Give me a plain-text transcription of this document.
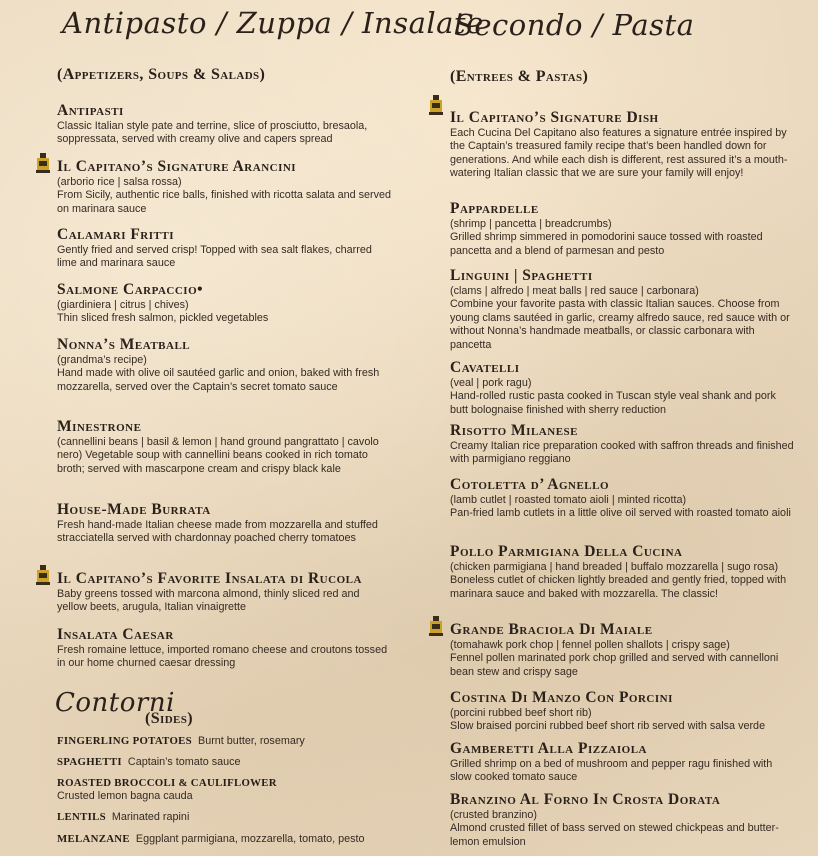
Antipasto / Zuppa / Insalate
(Appetizers, Soups & Salads)
Antipasti
Classic Italian style pate and terrine, slice of prosciutto, bresaola, soppressata, served with creamy olive and capers spread
Il Capitano’s Signature Arancini
(arborio rice | salsa rossa)
From Sicily, authentic rice balls, finished with ricotta salata and served on marinara sauce
Calamari Fritti
Gently fried and served crisp! Topped with sea salt flakes, charred lime and marinara sauce
Salmone Carpaccio•
(giardiniera | citrus | chives)
Thin sliced fresh salmon, pickled vegetables
Nonna’s Meatball
(grandma’s recipe)
Hand made with olive oil sautéed garlic and onion, baked with fresh mozzarella, served over the Captain’s secret tomato sauce
Minestrone
(cannellini beans | basil & lemon | hand ground pangrattato | cavolo nero) Vegetable soup with cannellini beans cooked in rich tomato broth; served with mascarpone cream and crispy black kale
House-Made Burrata
Fresh hand-made Italian cheese made from mozzarella and stuffed stracciatella served with chardonnay poached cherry tomatoes
Il Capitano’s Favorite Insalata di Rucola
Baby greens tossed with marcona almond, thinly sliced red and yellow beets, arugula, Italian vinaigrette
Insalata Caesar
Fresh romaine lettuce, imported romano cheese and croutons tossed in our home churned caesar dressing
Contorni
(Sides)
FINGERLING POTATOES Burnt butter, rosemary
SPAGHETTI Captain’s tomato sauce
ROASTED BROCCOLI & CAULIFLOWER
Crusted lemon bagna cauda
LENTILS Marinated rapini
MELANZANE Eggplant parmigiana, mozzarella, tomato, pesto
Secondo / Pasta
(Entrees & Pastas)
Il Capitano’s Signature Dish
Each Cucina Del Capitano also features a signature entrée inspired by the Captain’s treasured family recipe that’s been handled down for generations. And while each dish is different, rest assured it’s a mouth-watering Italian classic that we are sure your family will enjoy!
Pappardelle
(shrimp | pancetta | breadcrumbs)
Grilled shrimp simmered in pomodorini sauce tossed with roasted pancetta and a blend of parmesan and pesto
Linguini | Spaghetti
(clams | alfredo | meat balls | red sauce | carbonara)
Combine your favorite pasta with classic Italian sauces. Choose from young clams sautéed in garlic, creamy alfredo sauce, red sauce with or without Nonna’s handmade meatballs, or classic carbonara with pancetta
Cavatelli
(veal | pork ragu)
Hand-rolled rustic pasta cooked in Tuscan style veal shank and pork butt bolognaise finished with sherry reduction
Risotto Milanese
Creamy Italian rice preparation cooked with saffron threads and finished with parmigiano reggiano
Cotoletta d’ Agnello
(lamb cutlet | roasted tomato aioli | minted ricotta)
Pan-fried lamb cutlets in a little olive oil served with roasted tomato aioli
Pollo Parmigiana Della Cucina
(chicken parmigiana | hand breaded | buffalo mozzarella | sugo rosa)
Boneless cutlet of chicken lightly breaded and gently fried, topped with marinara sauce and baked with mozzarella. The classic!
Grande Braciola Di Maiale
(tomahawk pork chop | fennel pollen shallots | crispy sage)
Fennel pollen marinated pork chop grilled and served with cannelloni bean stew and crispy sage
Costina Di Manzo Con Porcini
(porcini rubbed beef short rib)
Slow braised porcini rubbed beef short rib served with salsa verde
Gamberetti Alla Pizzaiola
Grilled shrimp on a bed of mushroom and pepper ragu finished with slow cooked tomato sauce
Branzino Al Forno In Crosta Dorata
(crusted branzino)
Almond crusted fillet of bass served on stewed chickpeas and butter- lemon emulsion
